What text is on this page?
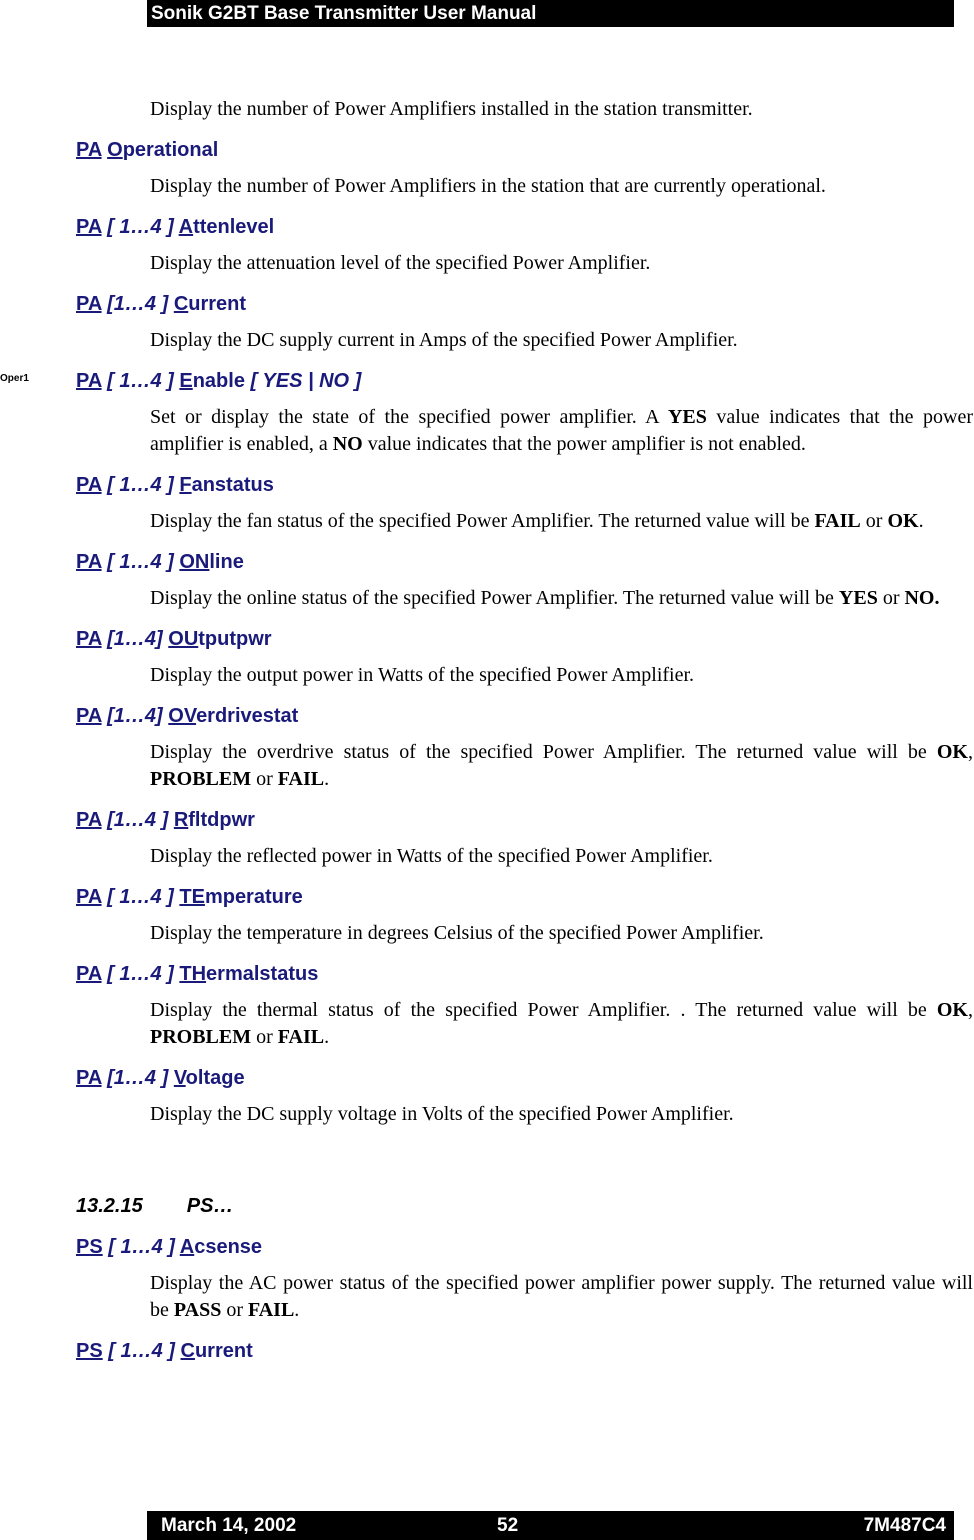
Sonik G2BT Base Transmitter User Manual
Oper1
Display the number of Power Amplifiers installed in the station transmitter.
PA Operational
Display the number of Power Amplifiers in the station that are currently operational.
PA [ 1…4 ] Attenlevel
Display the attenuation level of the specified Power Amplifier.
PA [1…4 ] Current
Display the DC supply current in Amps of the specified Power Amplifier.
PA [ 1…4 ] Enable [ YES | NO ]
Set or display the state of the specified power amplifier. A YES value indicates that the power amplifier is enabled, a NO value indicates that the power amplifier is not enabled.
PA [ 1…4 ] Fanstatus
Display the fan status of the specified Power Amplifier. The returned value will be FAIL or OK.
PA [ 1…4 ] ONline
Display the online status of the specified Power Amplifier. The returned value will be YES or NO.
PA [1…4] OUtputpwr
Display the output power in Watts of the specified Power Amplifier.
PA [1…4] OVerdrivestat
Display the overdrive status of the specified Power Amplifier. The returned value will be OK, PROBLEM or FAIL.
PA [1…4 ] Rfltdpwr
Display the reflected power in Watts of the specified Power Amplifier.
PA [ 1…4 ] TEmperature
Display the temperature in degrees Celsius of the specified Power Amplifier.
PA [ 1…4 ] THermalstatus
Display the thermal status of the specified Power Amplifier. . The returned value will be OK, PROBLEM or FAIL.
PA [1…4 ] Voltage
Display the DC supply voltage in Volts of the specified Power Amplifier.
13.2.15 PS…
PS [ 1…4 ] Acsense
Display the AC power status of the specified power amplifier power supply. The returned value will be PASS or FAIL.
PS [ 1…4 ] Current
March 14, 2002	52	7M487C4
